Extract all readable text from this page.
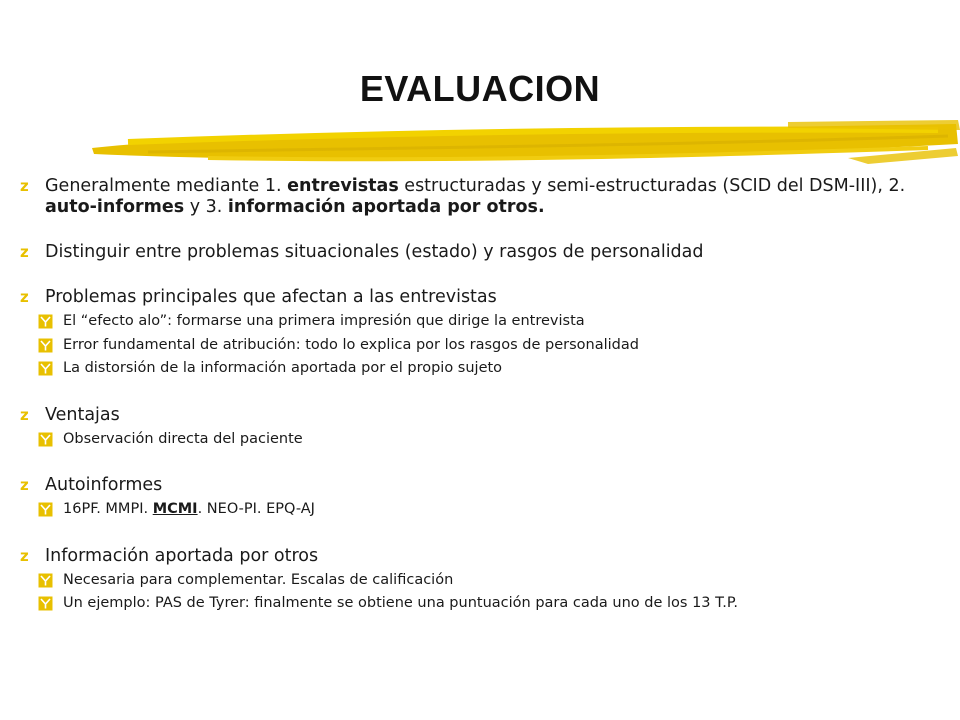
EVALUACION
z Generalmente mediante 1. entrevistas estructuradas y semi-estructuradas (SCID del DSM-III), 2. auto-informes y 3. información aportada por otros.
z Distinguir entre problemas situacionales (estado) y rasgos de personalidad
z Problemas principales que afectan a las entrevistas
El “efecto alo”: formarse una primera impresión que dirige la entrevista
Error fundamental de atribución: todo lo explica por los rasgos de personalidad
La distorsión de la información aportada por el propio sujeto
z Ventajas
Observación directa del paciente
z Autoinformes
16PF. MMPI. MCMI. NEO-PI. EPQ-AJ
z Información aportada por otros
Necesaria para complementar. Escalas de calificación
Un ejemplo: PAS de Tyrer: finalmente se obtiene una puntuación para cada uno de los 13 T.P.
